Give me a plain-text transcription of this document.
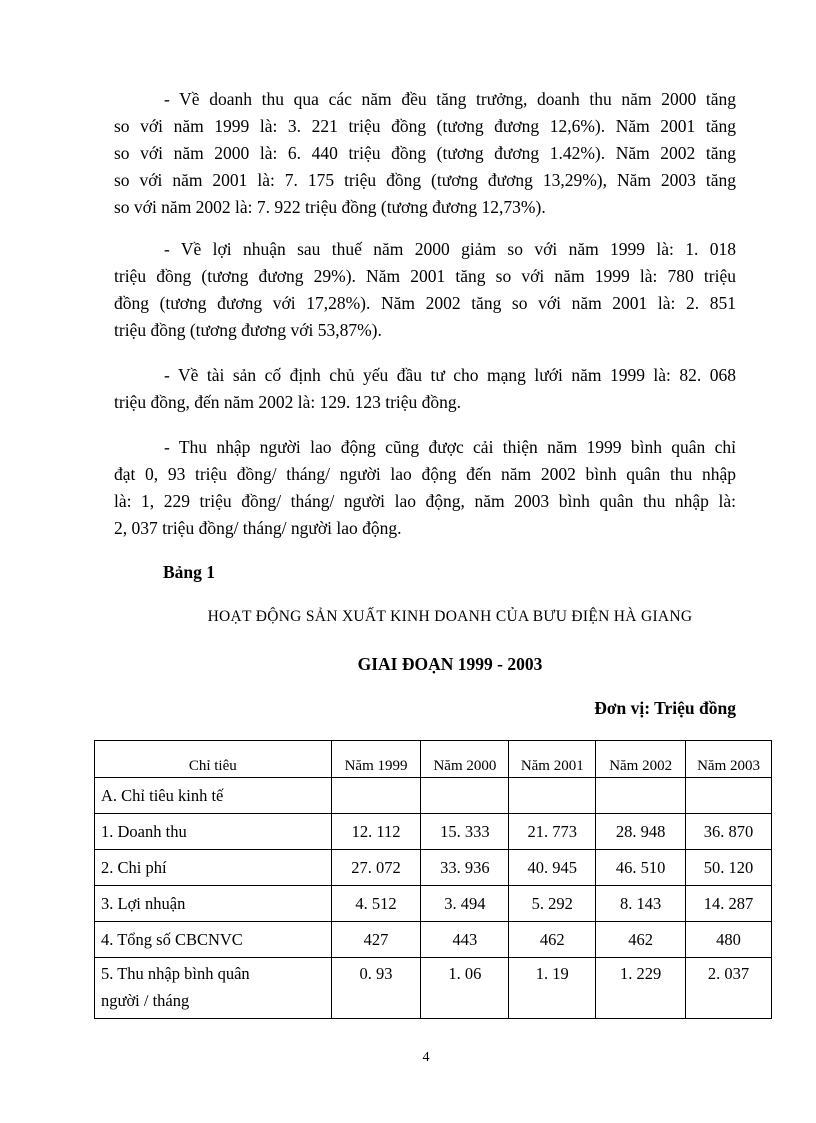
- Về doanh thu qua các năm đều tăng trưởng, doanh thu năm 2000 tăng
so với năm 1999 là: 3. 221 triệu đồng (tương đương 12,6%). Năm 2001 tăng
so với năm 2000 là: 6. 440 triệu đồng (tương đương 1.42%). Năm 2002 tăng
so với năm 2001 là: 7. 175 triệu đồng (tương đương 13,29%), Năm 2003 tăng
so với năm 2002 là: 7. 922 triệu đồng (tương đương 12,73%).
- Về lợi nhuận sau thuế năm 2000 giảm so với năm 1999 là: 1. 018
triệu đồng (tương đương 29%). Năm 2001 tăng so với năm 1999 là: 780 triệu
đồng (tương đương với 17,28%). Năm 2002 tăng so với năm 2001 là: 2. 851
triệu đồng (tương đương với 53,87%).
- Về tài sản cố định chủ yếu đầu tư cho mạng lưới năm 1999 là: 82. 068
triệu đồng, đến năm 2002 là: 129. 123 triệu đồng.
- Thu nhập người lao động cũng được cải thiện năm 1999 bình quân chỉ
đạt 0, 93 triệu đồng/ tháng/ người lao động đến năm 2002 bình quân thu nhập
là: 1, 229 triệu đồng/ tháng/ người lao động, năm 2003 bình quân thu nhập là:
2, 037 triệu đồng/ tháng/ người lao động.
Bảng 1
HOẠT ĐỘNG SẢN XUẤT KINH DOANH CỦA BƯU ĐIỆN HÀ GIANG
GIAI ĐOẠN 1999 - 2003
Đơn vị: Triệu đồng
Chỉ tiêu	Năm 1999	Năm 2000	Năm 2001	Năm 2002	Năm 2003
A. Chỉ tiêu kinh tế					
1. Doanh thu	12. 112	15. 333	21. 773	28. 948	36. 870
2. Chi phí	27. 072	33. 936	40. 945	46. 510	50. 120
3. Lợi nhuận	4. 512	3. 494	5. 292	8. 143	14. 287
4. Tổng số CBCNVC	427	443	462	462	480

5. Thu nhập bình quân
người / tháng	0. 93	1. 06	1. 19	1. 229	2. 037
4
